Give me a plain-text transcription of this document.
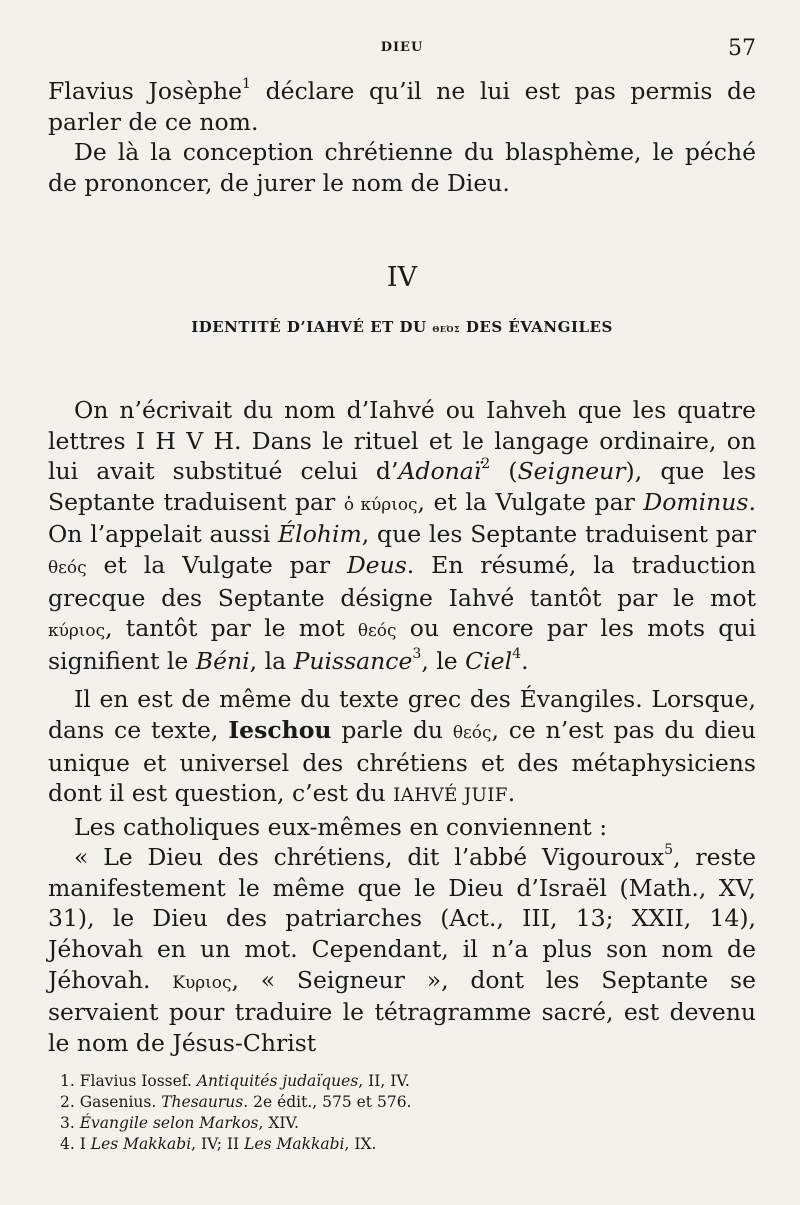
DIEU	57

Flavius Josèphe$^1$ déclare qu’il ne lui est pas permis de parler de ce nom.

De là la conception chrétienne du blasphème, le péché de prononcer, de jurer le nom de Dieu.

IV
IDENTITÉ D’IAHVÉ ET DU θεός DES ÉVANGILES

On n’écrivait du nom d’Iahvé ou Iahveh que les quatre lettres I H V H. Dans le rituel et le langage ordinaire, on lui avait substitué celui d’Adonaï$^2$ (Seigneur), que les Septante traduisent par ὁ κύριος, et la Vulgate par Dominus. On l’appelait aussi Élohim, que les Septante traduisent par θεός et la Vulgate par Deus. En résumé, la traduction grecque des Septante désigne Iahvé tantôt par le mot κύριος, tantôt par le mot θεός ou encore par les mots qui signifient le Béni, la Puissance$^3$, le Ciel$^4$.

Il en est de même du texte grec des Évangiles. Lorsque, dans ce texte, Ieschou parle du θεός, ce n’est pas du dieu unique et universel des chrétiens et des métaphysiciens dont il est question, c’est du IAHVÉ JUIF.

Les catholiques eux-mêmes en conviennent :

« Le Dieu des chrétiens, dit l’abbé Vigouroux$^5$, reste manifestement le même que le Dieu d’Israël (Math., XV, 31), le Dieu des patriarches (Act., III, 13; XXII, 14), Jéhovah en un mot. Cependant, il n’a plus son nom de Jéhovah. Κυριος, « Seigneur », dont les Septante se servaient pour traduire le tétragramme sacré, est devenu le nom de Jésus-Christ

1. Flavius Iossef. Antiquités judaïques, II, IV.
2. Gasenius. Thesaurus. 2e édit., 575 et 576.
3. Évangile selon Markos, XIV.
4. I Les Makkabi, IV; II Les Makkabi, IX.
